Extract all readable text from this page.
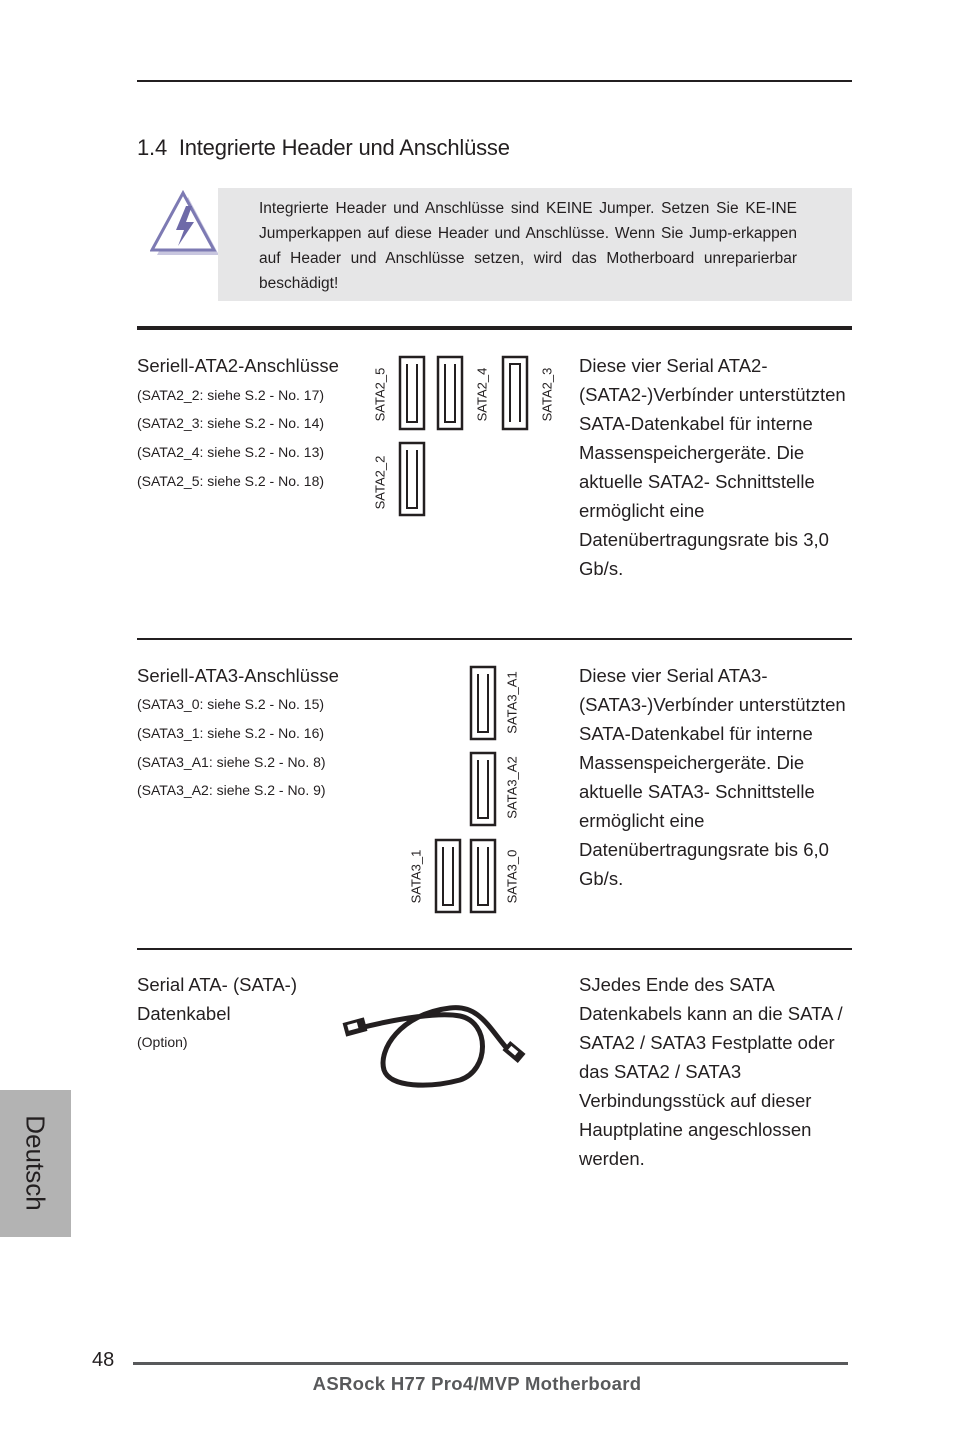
1.4 Integrierte Header und Anschlüsse
Integrierte Header und Anschlüsse sind KEINE Jumper. Setzen Sie KE-INE Jumperkappen auf diese Header und Anschlüsse. Wenn Sie Jump-erkappen auf Header und Anschlüsse setzen, wird das Motherboard unreparierbar beschädigt!
Seriell-ATA2-Anschlüsse
(SATA2_2: siehe S.2 - No. 17)
(SATA2_3: siehe S.2 - No. 14)
(SATA2_4: siehe S.2 - No. 13)
(SATA2_5: siehe S.2 - No. 18)
SATA2_5	SATA2_4	SATA2_3
SATA2_2
Diese vier Serial ATA2- (SATA2-)Verbínder unterstützten SATA-Datenkabel für interne Massenspeichergeräte. Die aktuelle SATA2- Schnittstelle ermöglicht eine Datenübertragungsrate bis 3,0 Gb/s.
Seriell-ATA3-Anschlüsse
(SATA3_0: siehe S.2 - No. 15)
(SATA3_1: siehe S.2 - No. 16)
(SATA3_A1: siehe S.2 - No. 8)
(SATA3_A2: siehe S.2 - No. 9)
SATA3_A1
SATA3_A2
SATA3_1	SATA3_0
Diese vier Serial ATA3- (SATA3-)Verbínder unterstützten SATA-Datenkabel für interne Massenspeichergeräte. Die aktuelle SATA3- Schnittstelle ermöglicht eine Datenübertragungsrate bis 6,0 Gb/s.
Serial ATA- (SATA-)
Datenkabel
(Option)
SJedes Ende des SATA Datenkabels kann an die SATA / SATA2 / SATA3 Festplatte oder das SATA2 / SATA3 Verbindungsstück auf dieser Hauptplatine angeschlossen werden.
Deutsch
48
ASRock H77 Pro4/MVP Motherboard
